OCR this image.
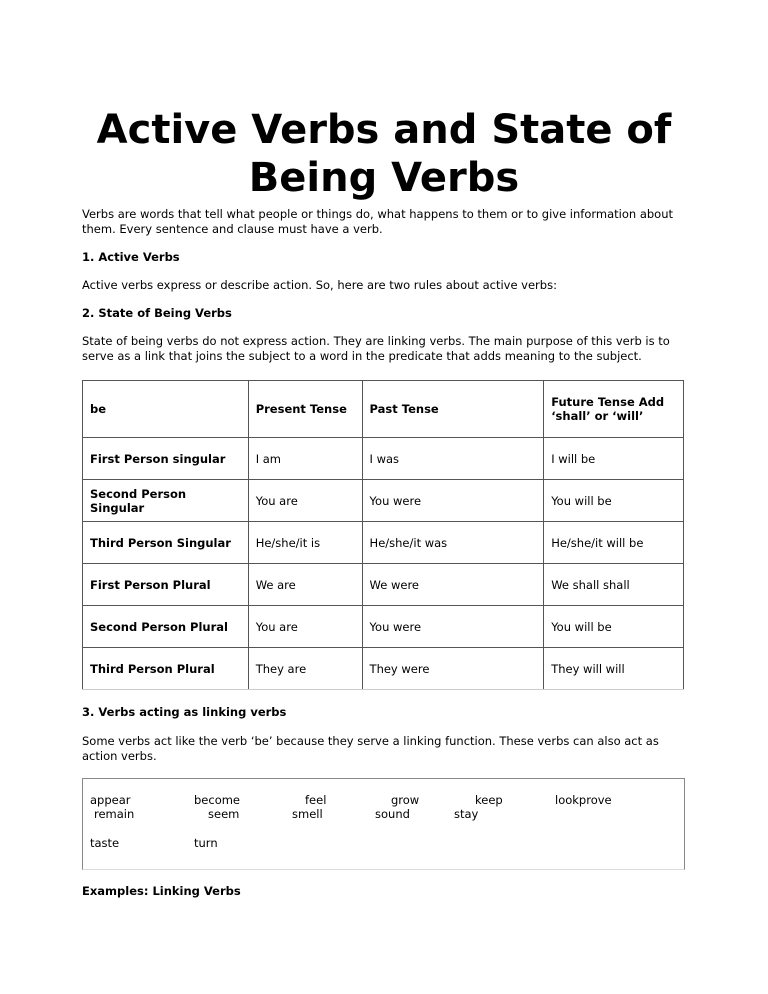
Active Verbs and State of Being Verbs

Verbs are words that tell what people or things do, what happens to them or to give information about them. Every sentence and clause must have a verb.

1. Active Verbs

Active verbs express or describe action. So, here are two rules about active verbs:

2. State of Being Verbs

State of being verbs do not express action. They are linking verbs. The main purpose of this verb is to serve as a link that joins the subject to a word in the predicate that adds meaning to the subject.

be	Present Tense	Past Tense	Future Tense Add ‘shall’ or ‘will’
First Person singular	I am	I was	I will be
Second Person Singular	You are	You were	You will be
Third Person Singular	He/she/it is	He/she/it was	He/she/it will be
First Person Plural	We are	We were	We shall shall
Second Person Plural	You are	You were	You will be
Third Person Plural	They are	They were	They will will

3. Verbs acting as linking verbs

Some verbs act like the verb ‘be’ because they serve a linking function. These verbs can also act as action verbs.

appear
remain
become
seem
feel
smell
grow
sound
keep
stay
lookprove
taste	turn

Examples: Linking Verbs
